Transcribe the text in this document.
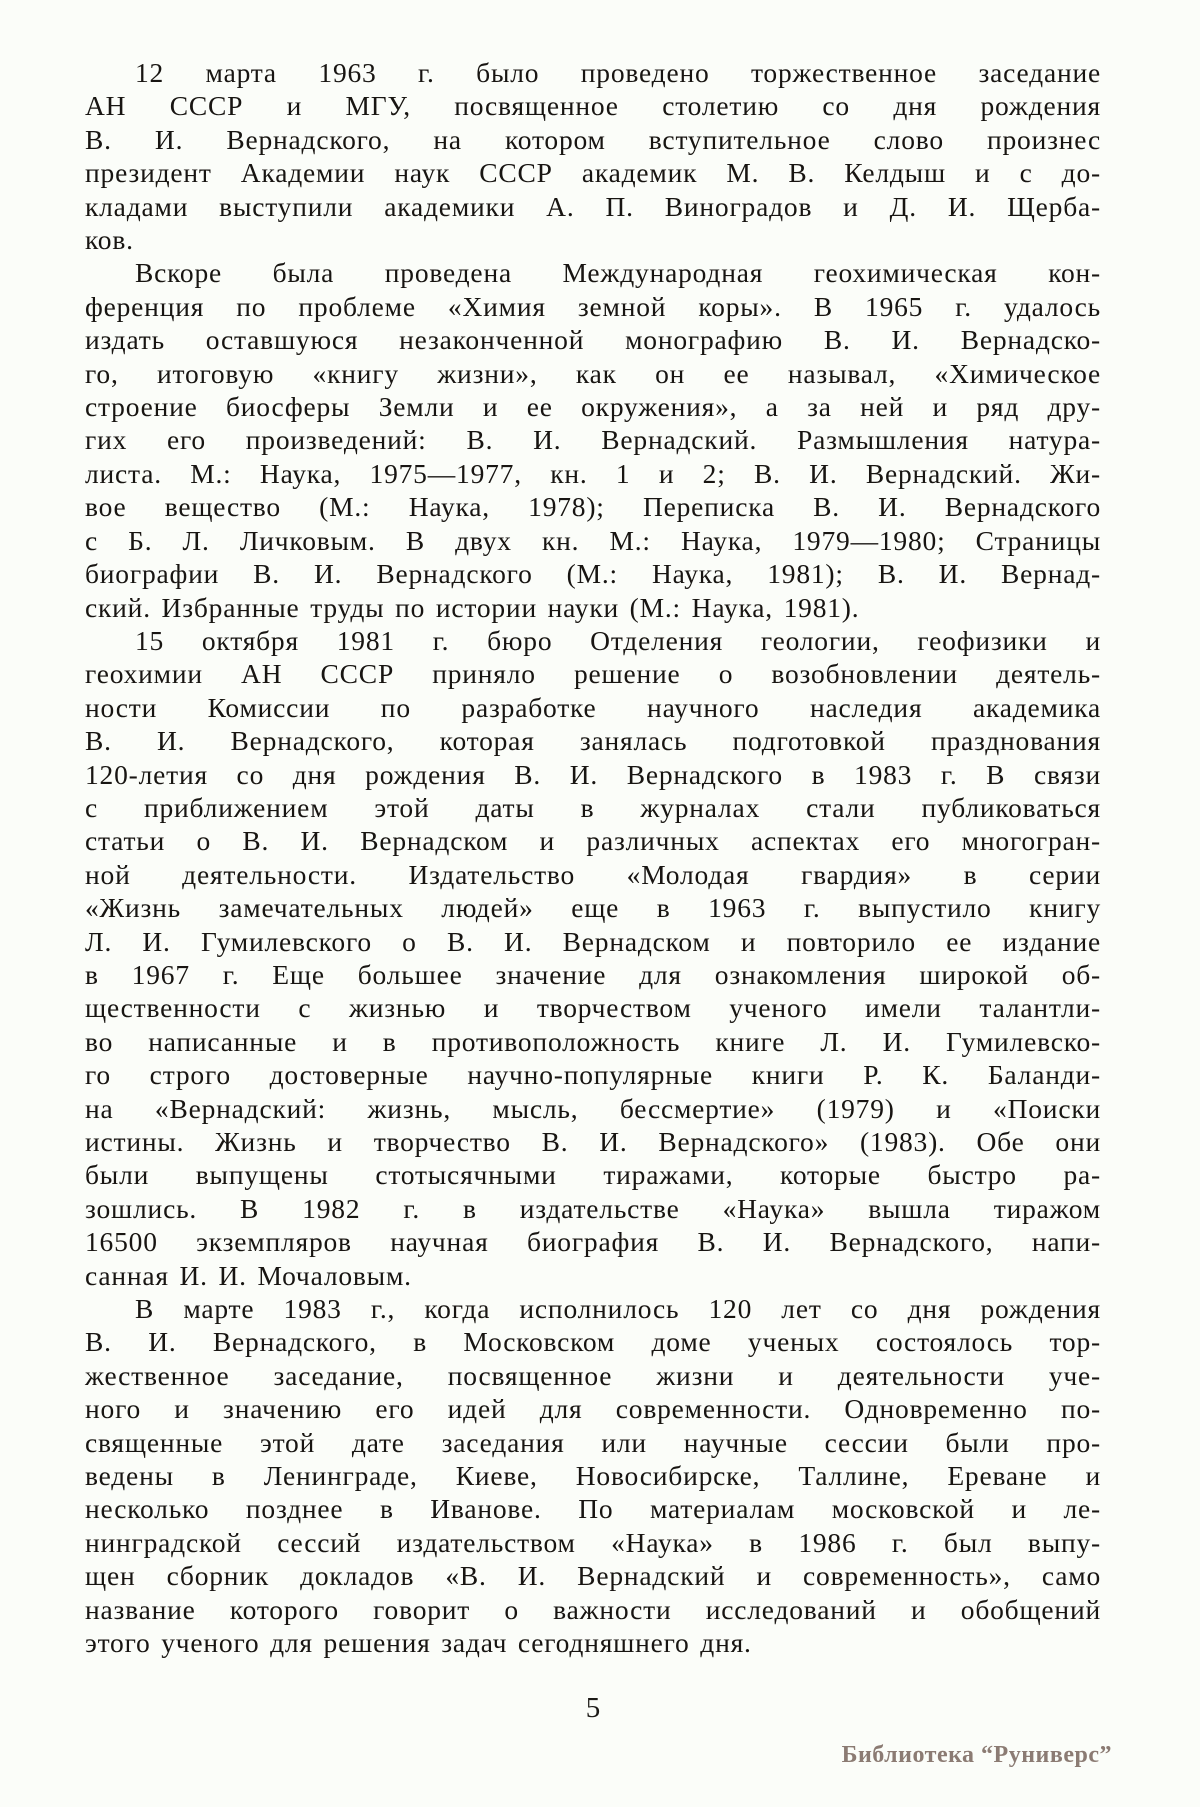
12 марта 1963 г. было проведено торжественное заседание
АН СССР и МГУ, посвященное столетию со дня рождения
В. И. Вернадского, на котором вступительное слово произнес
президент Академии наук СССР академик М. В. Келдыш и с до-
кладами выступили академики А. П. Виноградов и Д. И. Щерба-
ков.
Вскоре была проведена Международная геохимическая кон-
ференция по проблеме «Химия земной коры». В 1965 г. удалось
издать оставшуюся незаконченной монографию В. И. Вернадско-
го, итоговую «книгу жизни», как он ее называл, «Химическое
строение биосферы Земли и ее окружения», а за ней и ряд дру-
гих его произведений: В. И. Вернадский. Размышления натура-
листа. М.: Наука, 1975—1977, кн. 1 и 2; В. И. Вернадский. Жи-
вое вещество (М.: Наука, 1978); Переписка В. И. Вернадского
с Б. Л. Личковым. В двух кн. М.: Наука, 1979—1980; Страницы
биографии В. И. Вернадского (М.: Наука, 1981); В. И. Вернад-
ский. Избранные труды по истории науки (М.: Наука, 1981).
15 октября 1981 г. бюро Отделения геологии, геофизики и
геохимии АН СССР приняло решение о возобновлении деятель-
ности Комиссии по разработке научного наследия академика
В. И. Вернадского, которая занялась подготовкой празднования
120-летия со дня рождения В. И. Вернадского в 1983 г. В связи
с приближением этой даты в журналах стали публиковаться
статьи о В. И. Вернадском и различных аспектах его многогран-
ной деятельности. Издательство «Молодая гвардия» в серии
«Жизнь замечательных людей» еще в 1963 г. выпустило книгу
Л. И. Гумилевского о В. И. Вернадском и повторило ее издание
в 1967 г. Еще большее значение для ознакомления широкой об-
щественности с жизнью и творчеством ученого имели талантли-
во написанные и в противоположность книге Л. И. Гумилевско-
го строго достоверные научно-популярные книги Р. К. Баланди-
на «Вернадский: жизнь, мысль, бессмертие» (1979) и «Поиски
истины. Жизнь и творчество В. И. Вернадского» (1983). Обе они
были выпущены стотысячными тиражами, которые быстро ра-
зошлись. В 1982 г. в издательстве «Наука» вышла тиражом
16500 экземпляров научная биография В. И. Вернадского, напи-
санная И. И. Мочаловым.
В марте 1983 г., когда исполнилось 120 лет со дня рождения
В. И. Вернадского, в Московском доме ученых состоялось тор-
жественное заседание, посвященное жизни и деятельности уче-
ного и значению его идей для современности. Одновременно по-
священные этой дате заседания или научные сессии были про-
ведены в Ленинграде, Киеве, Новосибирске, Таллине, Ереване и
несколько позднее в Иванове. По материалам московской и ле-
нинградской сессий издательством «Наука» в 1986 г. был выпу-
щен сборник докладов «В. И. Вернадский и современность», само
название которого говорит о важности исследований и обобщений
этого ученого для решения задач сегодняшнего дня.
5
Библиотека “Руниверс”
